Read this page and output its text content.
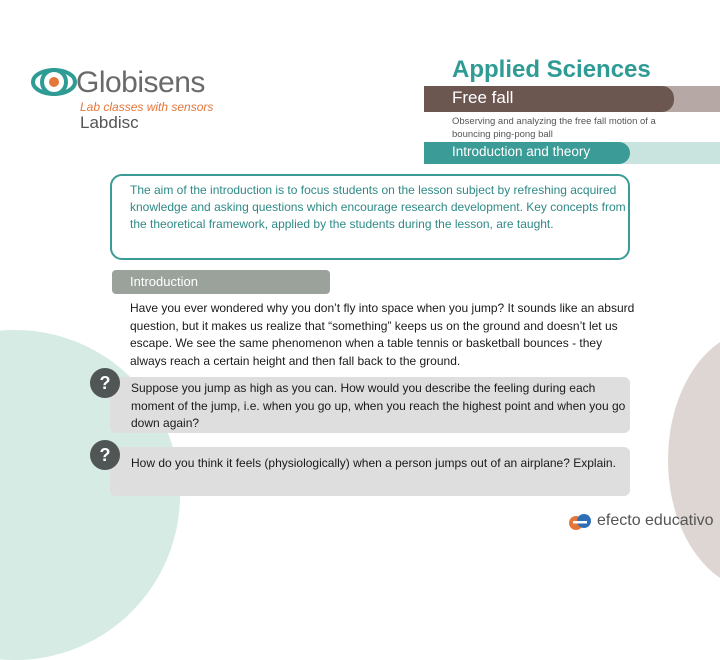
Globisens
Lab classes with sensors
Labdisc
Applied Sciences
Free fall
Observing and analyzing the free fall motion of a bouncing ping-pong ball
Introduction and theory
The aim of the introduction is to focus students on the lesson subject by refreshing acquired knowledge and asking questions which encourage research development. Key concepts from the theoretical framework, applied by the students during the lesson, are taught.
Introduction
Have you ever wondered why you don’t fly into space when you jump? It sounds like an absurd question, but it makes us realize that “something” keeps us on the ground and doesn’t let us escape. We see the same phenomenon when a table tennis or basketball bounces - they always reach a certain height and then fall back to the ground.
?	Suppose you jump as high as you can. How would you describe the feeling during each moment of the jump, i.e. when you go up, when you reach the highest point and when you go down again?
?	How do you think it feels (physiologically) when a person jumps out of an airplane? Explain.
efecto educativo
